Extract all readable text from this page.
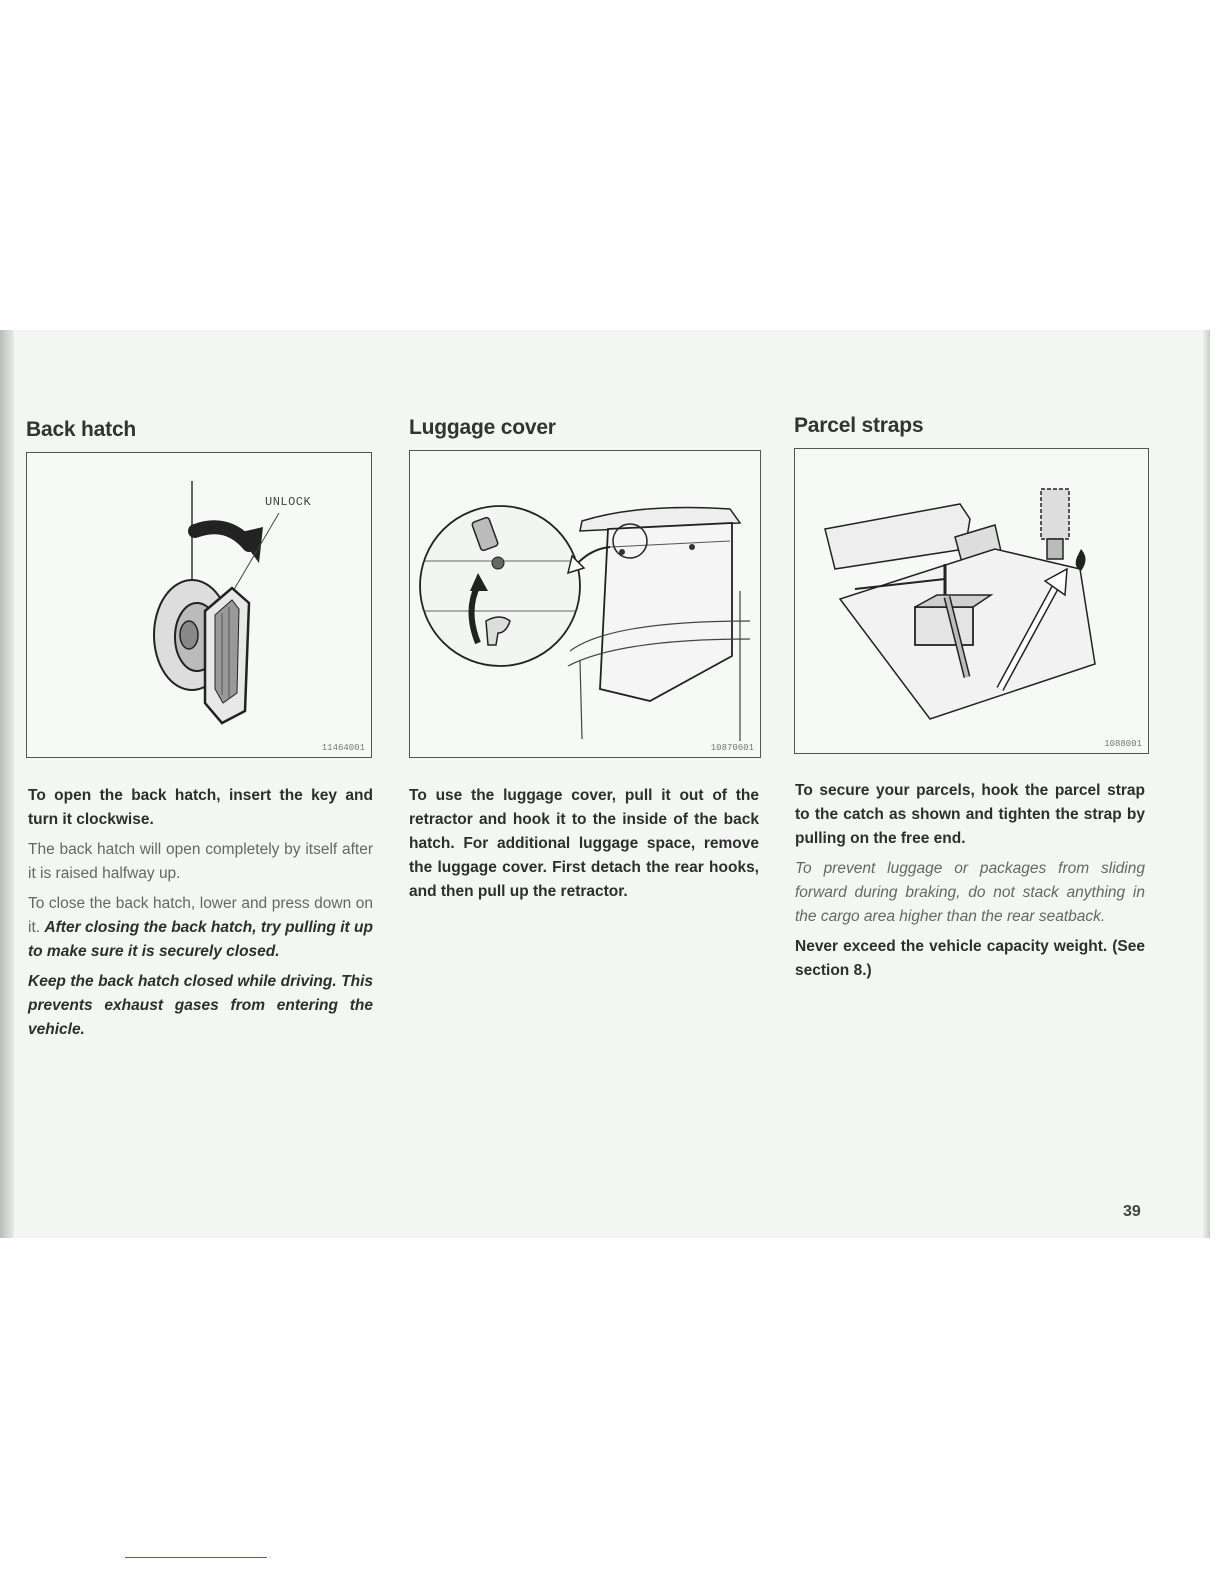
Back hatch
UNLOCK
11464001

To open the back hatch, insert the key and turn it clockwise.

The back hatch will open completely by itself after it is raised halfway up.

To close the back hatch, lower and press down on it. After closing the back hatch, try pulling it up to make sure it is securely closed.

Keep the back hatch closed while driving. This prevents exhaust gases from entering the vehicle.

Luggage cover
10870601

To use the luggage cover, pull it out of the retractor and hook it to the inside of the back hatch. For additional luggage space, remove the luggage cover. First detach the rear hooks, and then pull up the retractor.

Parcel straps
1088001

To secure your parcels, hook the parcel strap to the catch as shown and tighten the strap by pulling on the free end.

To prevent luggage or packages from sliding forward during braking, do not stack anything in the cargo area higher than the rear seatback.

Never exceed the vehicle capacity weight. (See section 8.)

39
